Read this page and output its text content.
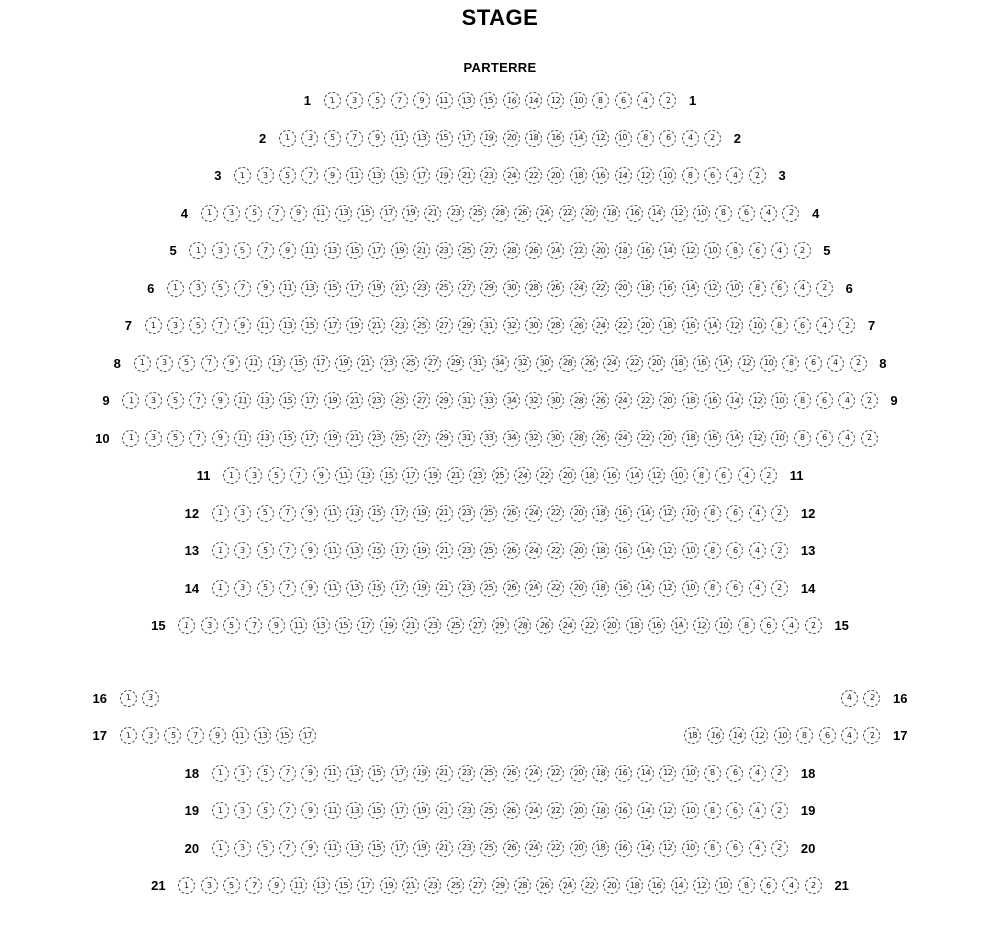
STAGE
PARTERRE
1	1 3 5 7 9 11 13 15 16 14 12 10 8 6 4 2	1
2	1 3 5 7 9 11 13 15 17 19 20 18 16 14 12 10 8 6 4 2	2
3	1 3 5 7 9 11 13 15 17 19 21 23 24 22 20 18 16 14 12 10 8 6 4 2	3
4	1 3 5 7 9 11 13 15 17 19 21 23 25 28 26 24 22 20 18 16 14 12 10 8 6 4 2	4
5	1 3 5 7 9 11 13 15 17 19 21 23 25 27 28 26 24 22 20 18 16 14 12 10 8 6 4 2	5
6	1 3 5 7 9 11 13 15 17 19 21 23 25 27 29 30 28 26 24 22 20 18 16 14 12 10 8 6 4 2	6
7	1 3 5 7 9 11 13 15 17 19 21 23 25 27 29 31 32 30 28 26 24 22 20 18 16 14 12 10 8 6 4 2	7
8	1 3 5 7 9 11 13 15 17 19 21 23 25 27 29 31 34 32 30 28 26 24 22 20 18 16 14 12 10 8 6 4 2	8
9	1 3 5 7 9 11 13 15 17 19 21 23 25 27 29 31 33 34 32 30 28 26 24 22 20 18 16 14 12 10 8 6 4 2	9
10	1 3 5 7 9 11 13 15 17 19 21 23 25 27 29 31 33 34 32 30 28 26 24 22 20 18 16 14 12 10 8 6 4 2
11	1 3 5 7 9 11 13 15 17 19 21 23 25 24 22 20 18 16 14 12 10 8 6 4 2	11
12	1 3 5 7 9 11 13 15 17 19 21 23 25 26 24 22 20 18 16 14 12 10 8 6 4 2	12
13	1 3 5 7 9 11 13 15 17 19 21 23 25 26 24 22 20 18 16 14 12 10 8 6 4 2	13
14	1 3 5 7 9 11 13 15 17 19 21 23 25 26 24 22 20 18 16 14 12 10 8 6 4 2	14
15	1 3 5 7 9 11 13 15 17 19 21 23 25 27 29 28 26 24 22 20 18 16 14 12 10 8 6 4 2	15
16	1 3	4 2	16
17	1 3 5 7 9 11 13 15 17	18 16 14 12 10 8 6 4 2	17
18	1 3 5 7 9 11 13 15 17 19 21 23 25 26 24 22 20 18 16 14 12 10 8 6 4 2	18
19	1 3 5 7 9 11 13 15 17 19 21 23 25 26 24 22 20 18 16 14 12 10 8 6 4 2	19
20	1 3 5 7 9 11 13 15 17 19 21 23 25 26 24 22 20 18 16 14 12 10 8 6 4 2	20
21	1 3 5 7 9 11 13 15 17 19 21 23 25 27 29 28 26 24 22 20 18 16 14 12 10 8 6 4 2	21
